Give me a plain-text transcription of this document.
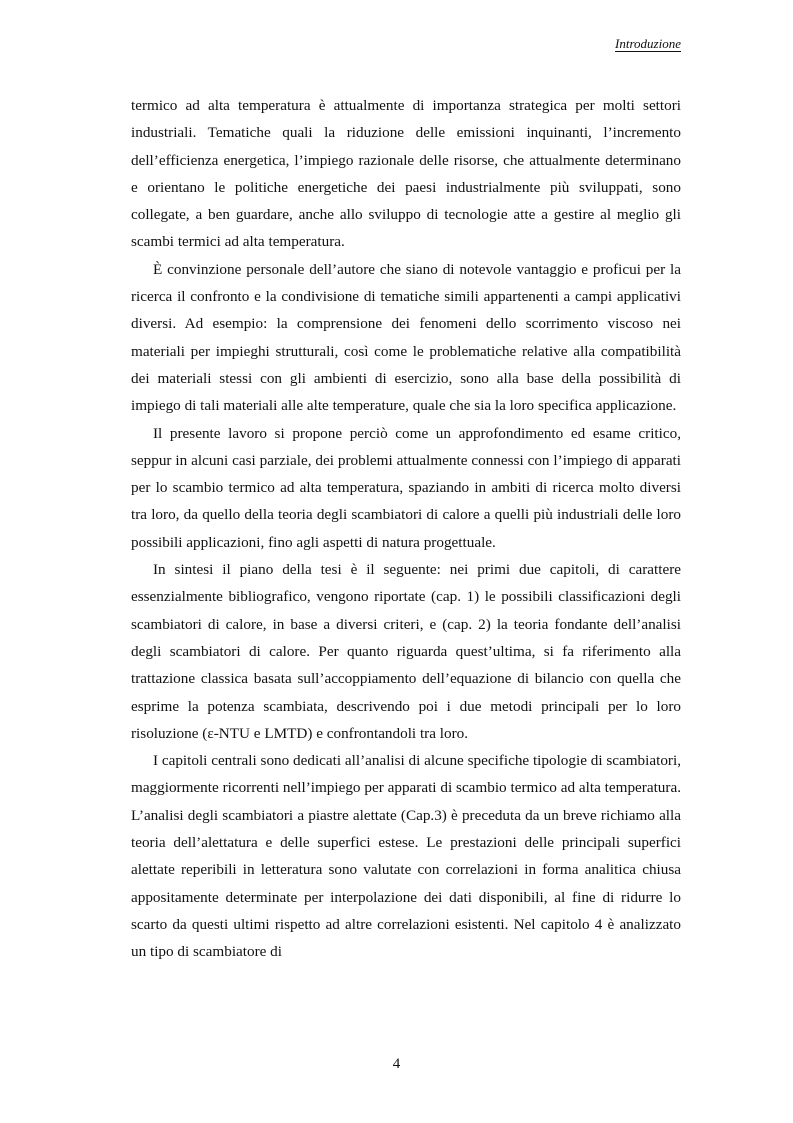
Introduzione

termico ad alta temperatura è attualmente di importanza strategica per molti settori industriali. Tematiche quali la riduzione delle emissioni inquinanti, l’incremento dell’efficienza energetica, l’impiego razionale delle risorse, che attualmente determinano e orientano le politiche energetiche dei paesi industrialmente più sviluppati, sono collegate, a ben guardare, anche allo sviluppo di tecnologie atte a gestire al meglio gli scambi termici ad alta temperatura.

È convinzione personale dell’autore che siano di notevole vantaggio e proficui per la ricerca il confronto e la condivisione di tematiche simili appartenenti a campi applicativi diversi. Ad esempio: la comprensione dei fenomeni dello scorrimento viscoso nei materiali per impieghi strutturali, così come le problematiche relative alla compatibilità dei materiali stessi con gli ambienti di esercizio, sono alla base della possibilità di impiego di tali materiali alle alte temperature, quale che sia la loro specifica applicazione.

Il presente lavoro si propone perciò come un approfondimento ed esame critico, seppur in alcuni casi parziale, dei problemi attualmente connessi con l’impiego di apparati per lo scambio termico ad alta temperatura, spaziando in ambiti di ricerca molto diversi tra loro, da quello della teoria degli scambiatori di calore a quelli più industriali delle loro possibili applicazioni, fino agli aspetti di natura progettuale.

In sintesi il piano della tesi è il seguente: nei primi due capitoli, di carattere essenzialmente bibliografico, vengono riportate (cap. 1) le possibili classificazioni degli scambiatori di calore, in base a diversi criteri, e (cap. 2) la teoria fondante dell’analisi degli scambiatori di calore. Per quanto riguarda quest’ultima, si fa riferimento alla trattazione classica basata sull’accoppiamento dell’equazione di bilancio con quella che esprime la potenza scambiata, descrivendo poi i due metodi principali per lo loro risoluzione (ε-NTU e LMTD) e confrontandoli tra loro.

I capitoli centrali sono dedicati all’analisi di alcune specifiche tipologie di scambiatori, maggiormente ricorrenti nell’impiego per apparati di scambio termico ad alta temperatura. L’analisi degli scambiatori a piastre alettate (Cap.3) è preceduta da un breve richiamo alla teoria dell’alettatura e delle superfici estese. Le prestazioni delle principali superfici alettate reperibili in letteratura sono valutate con correlazioni in forma analitica chiusa appositamente determinate per interpolazione dei dati disponibili, al fine di ridurre lo scarto da questi ultimi rispetto ad altre correlazioni esistenti. Nel capitolo 4 è analizzato un tipo di scambiatore di

4
